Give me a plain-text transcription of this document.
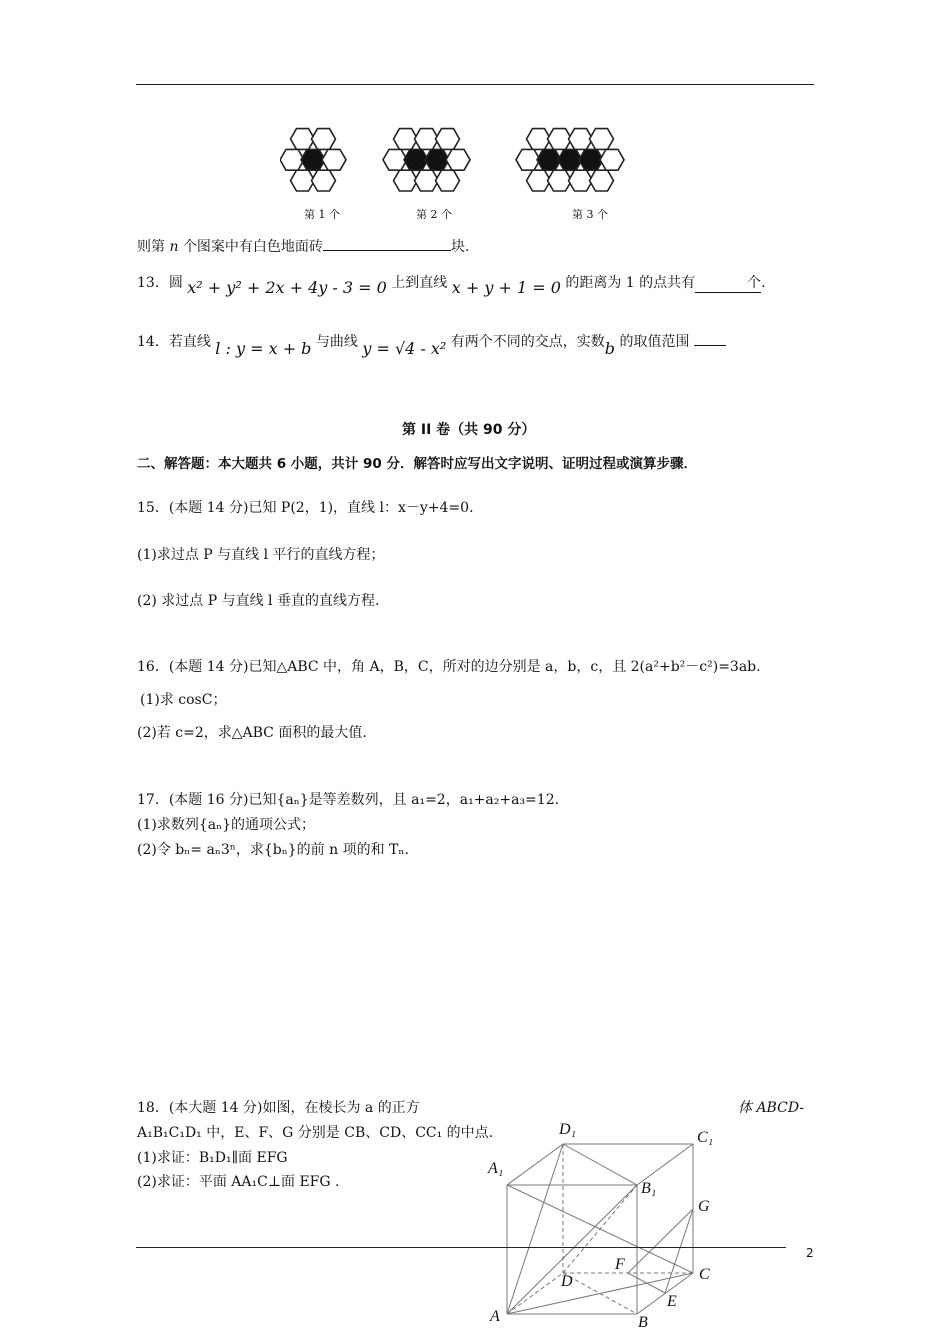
第 1 个	第 2 个	第 3 个
则第 n 个图案中有白色地面砖	块.
13．圆 x² + y² + 2x + 4y - 3 = 0 上到直线 x + y + 1 = 0 的距离为 1 的点共有	个.
14．若直线 l : y = x + b 与曲线 y = √4 - x² 有两个不同的交点，实数b 的取值范围
第 II 卷（共 90 分）
二、解答题：本大题共 6 小题，共计 90 分．解答时应写出文字说明、证明过程或演算步骤．
15．(本题 14 分)已知 P(2，1)，直线 l：x－y+4=0.
(1)求过点 P 与直线 l 平行的直线方程；
(2) 求过点 P 与直线 l 垂直的直线方程.
16．(本题 14 分)已知△ABC 中，角 A，B，C，所对的边分别是 a，b，c，且 2(a²+b²－c²)=3ab.
(1)求 cosC；
(2)若 c=2，求△ABC 面积的最大值.
17．(本题 16 分)已知{aₙ}是等差数列，且 a₁=2，a₁+a₂+a₃=12.
(1)求数列{aₙ}的通项公式；
(2)令 bₙ= aₙ3ⁿ，求{bₙ}的前 n 项的和 Tₙ.
18．(本大题 14 分)如图，在棱长为 a 的正方	体 ABCD-
A₁B₁C₁D₁ 中，E、F、G 分别是 CB、CD、CC₁ 的中点.
(1)求证：B₁D₁∥面 EFG
(2)求证：平面 AA₁C⊥面 EFG .
D₁	C₁
A₁
B₁
G
F
D	C
E
A	B
2
